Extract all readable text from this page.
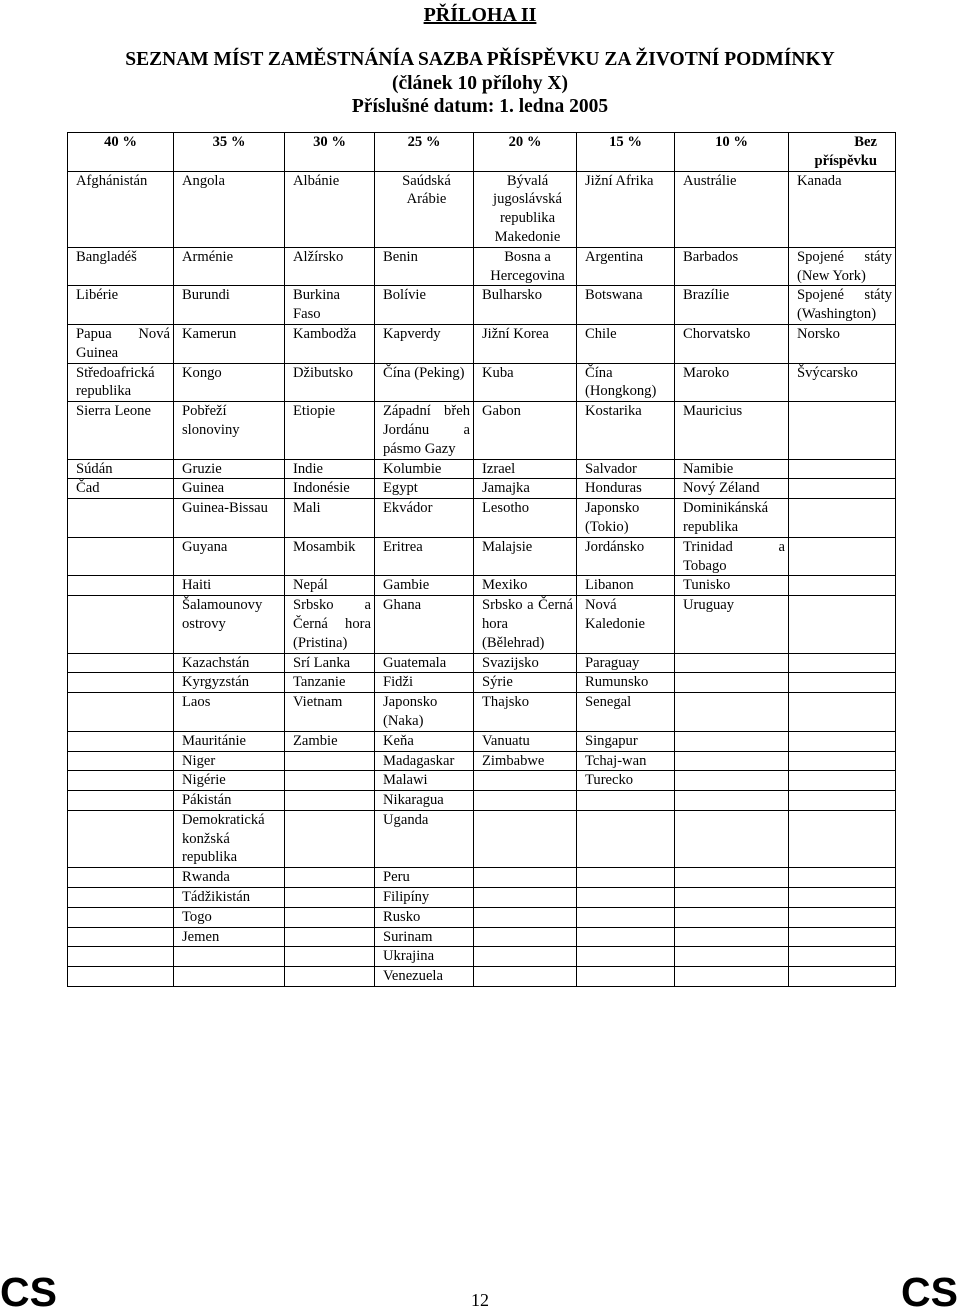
PŘÍLOHA II
SEZNAM MÍST ZAMĚSTNÁNÍA SAZBA PŘÍSPĚVKU ZA ŽIVOTNÍ PODMÍNKY
(článek 10 přílohy X)
Příslušné datum: 1. ledna 2005
40 %	35 %	30 %	25 %	20 %	15 %	10 %	Bez příspěvku
Afghánistán	Angola	Albánie	Saúdská Arábie	Bývalá jugoslávská republika Makedonie	Jižní Afrika	Austrálie	Kanada
Bangladéš	Arménie	Alžírsko	Benin	Bosna a Hercegovina	Argentina	Barbados	Spojené státy (New York)
Libérie	Burundi	Burkina Faso	Bolívie	Bulharsko	Botswana	Brazílie	Spojené státy (Washington)
Papua Nová Guinea	Kamerun	Kambodža	Kapverdy	Jižní Korea	Chile	Chorvatsko	Norsko
Středoafrická republika	Kongo	Džibutsko	Čína (Peking)	Kuba	Čína (Hongkong)	Maroko	Švýcarsko
Sierra Leone	Pobřeží slonoviny	Etiopie	Západní břeh Jordánu a pásmo Gazy	Gabon	Kostarika	Mauricius	
Súdán	Gruzie	Indie	Kolumbie	Izrael	Salvador	Namibie	
Čad	Guinea	Indonésie	Egypt	Jamajka	Honduras	Nový Zéland	
	Guinea-Bissau	Mali	Ekvádor	Lesotho	Japonsko (Tokio)	Dominikánská republika	
	Guyana	Mosambik	Eritrea	Malajsie	Jordánsko	Trinidad a Tobago	
	Haiti	Nepál	Gambie	Mexiko	Libanon	Tunisko	
	Šalamounovy ostrovy	Srbsko a Černá hora (Pristina)	Ghana	Srbsko a Černá hora (Bělehrad)	Nová Kaledonie	Uruguay	
	Kazachstán	Srí Lanka	Guatemala	Svazijsko	Paraguay		
	Kyrgyzstán	Tanzanie	Fidži	Sýrie	Rumunsko		
	Laos	Vietnam	Japonsko (Naka)	Thajsko	Senegal		
	Mauritánie	Zambie	Keňa	Vanuatu	Singapur		
	Niger		Madagaskar	Zimbabwe	Tchaj-wan		
	Nigérie		Malawi		Turecko		
	Pákistán		Nikaragua				
	Demokratická konžská republika		Uganda				
	Rwanda		Peru				
	Tádžikistán		Filipíny				
	Togo		Rusko				
	Jemen		Surinam				
			Ukrajina				
			Venezuela				
CS	12	CS
